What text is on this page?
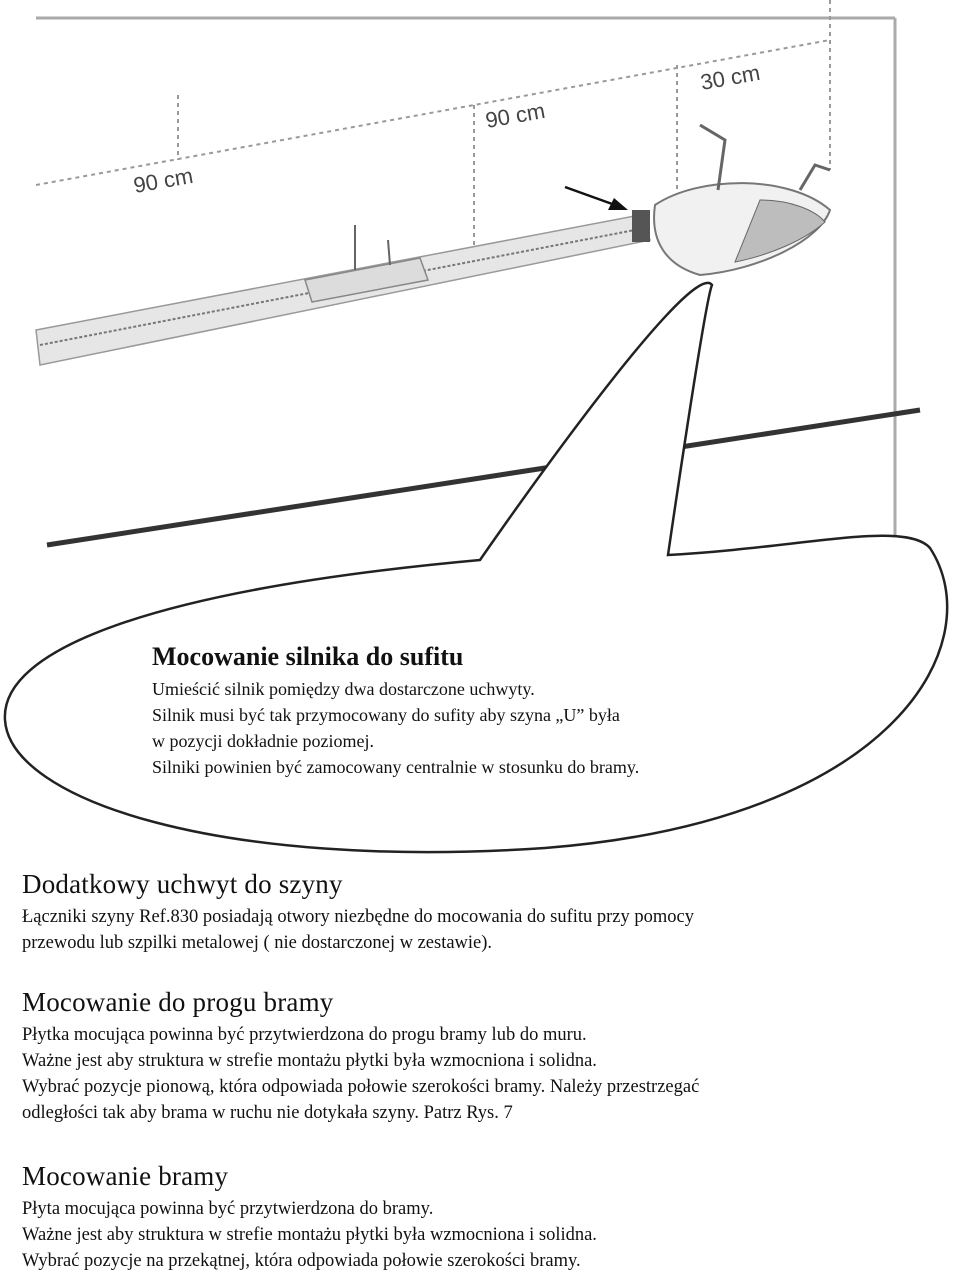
90 cm
90 cm
30 cm
Mocowanie silnika do sufitu

Umieścić silnik pomiędzy dwa dostarczone uchwyty.

Silnik musi być tak przymocowany do sufity aby szyna „U” była

w pozycji dokładnie poziomej.

Silniki powinien być zamocowany centralnie w stosunku do bramy.

Dodatkowy uchwyt do szyny

Łączniki szyny Ref.830 posiadają otwory niezbędne do mocowania do sufitu przy pomocy

przewodu lub szpilki metalowej ( nie dostarczonej w zestawie).

Mocowanie do progu bramy

Płytka mocująca powinna być przytwierdzona do progu bramy lub do muru.

Ważne jest aby struktura w strefie montażu płytki była wzmocniona i solidna.

Wybrać pozycje pionową, która odpowiada połowie szerokości bramy. Należy przestrzegać

odległości tak aby brama w ruchu nie dotykała szyny. Patrz Rys. 7

Mocowanie bramy

Płyta mocująca powinna być przytwierdzona do bramy.

Ważne jest aby struktura w strefie montażu płytki była wzmocniona i solidna.

Wybrać pozycje na przekątnej, która odpowiada połowie szerokości bramy.
